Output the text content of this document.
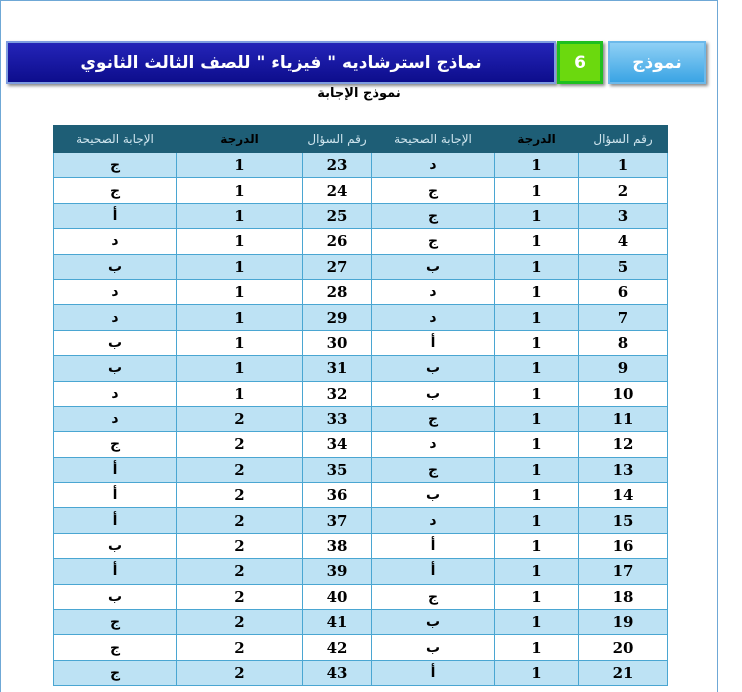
نماذج استرشاديه " فيزياء " للصف الثالث الثانوي	6	نموذج
نموذج الإجابة
رقم السؤال	الدرجة	الإجابة الصحيحة	رقم السؤال	الدرجة	الإجابة الصحيحة
1	1	د	23	1	ج
2	1	ج	24	1	ج
3	1	ج	25	1	أ
4	1	ج	26	1	د
5	1	ب	27	1	ب
6	1	د	28	1	د
7	1	د	29	1	د
8	1	أ	30	1	ب
9	1	ب	31	1	ب
10	1	ب	32	1	د
11	1	ج	33	2	د
12	1	د	34	2	ج
13	1	ج	35	2	أ
14	1	ب	36	2	أ
15	1	د	37	2	أ
16	1	أ	38	2	ب
17	1	أ	39	2	أ
18	1	ج	40	2	ب
19	1	ب	41	2	ج
20	1	ب	42	2	ج
21	1	أ	43	2	ج
